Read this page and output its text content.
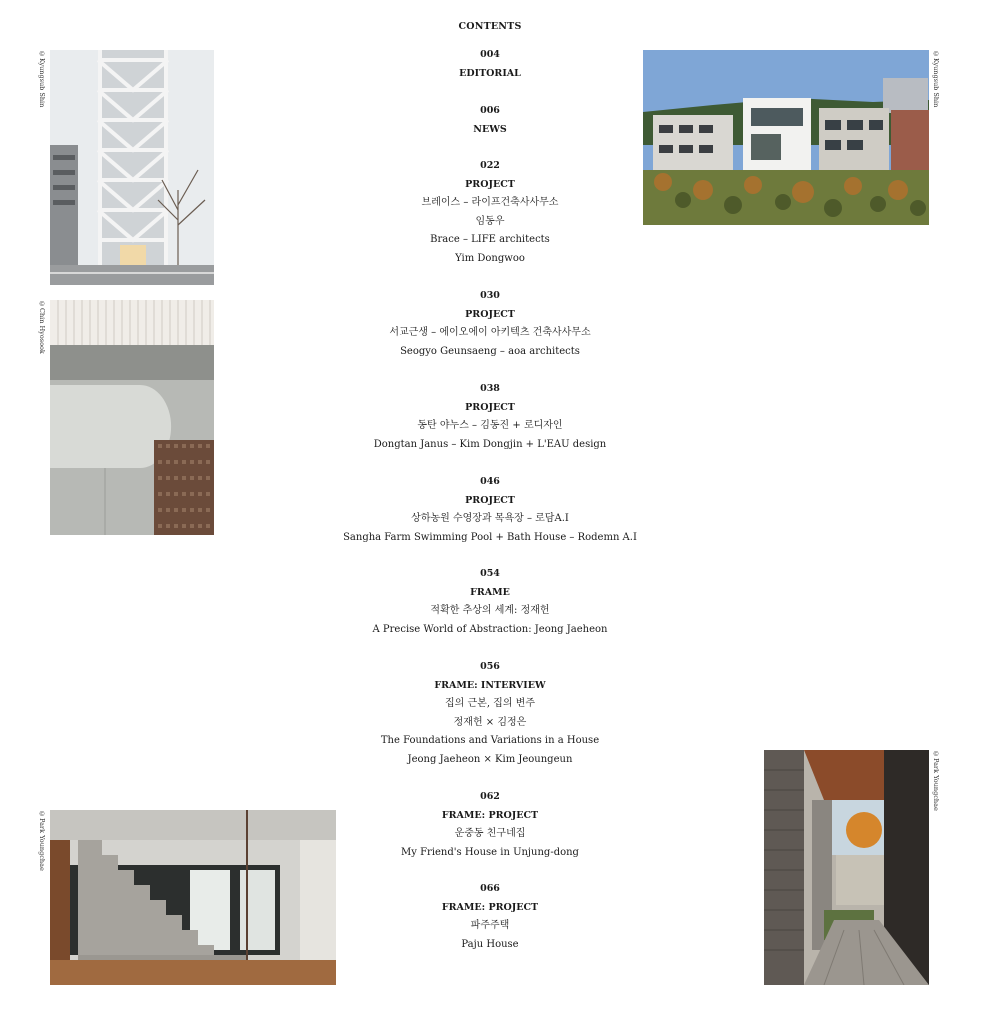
CONTENTS
004
EDITORIAL
006
NEWS
022
PROJECT
브레이스 – 라이프건축사사무소
임동우
Brace – LIFE architects
Yim Dongwoo
030
PROJECT
서교근생 – 에이오에이 아키텍츠 건축사사무소
Seogyo Geunsaeng – aoa architects
038
PROJECT
동탄 야누스 – 김동진 + 로디자인
Dongtan Janus – Kim Dongjin + L'EAU design
046
PROJECT
상하농원 수영장과 목욕장 – 로담A.I
Sangha Farm Swimming Pool + Bath House – Rodemn A.I
054
FRAME
적확한 추상의 세계: 정재헌
A Precise World of Abstraction: Jeong Jaeheon
056
FRAME: INTERVIEW
집의 근본, 집의 변주
정재헌 × 김정은
The Foundations and Variations in a House
Jeong Jaeheon × Kim Jeoungeun
062
FRAME: PROJECT
운중동 친구네집
My Friend's House in Unjung-dong
066
FRAME: PROJECT
파주주택
Paju House
©Kyungsub Shin
©Chin Hyosook
©Park Youngchae
©Kyungsub Shin
©Park Youngchae
